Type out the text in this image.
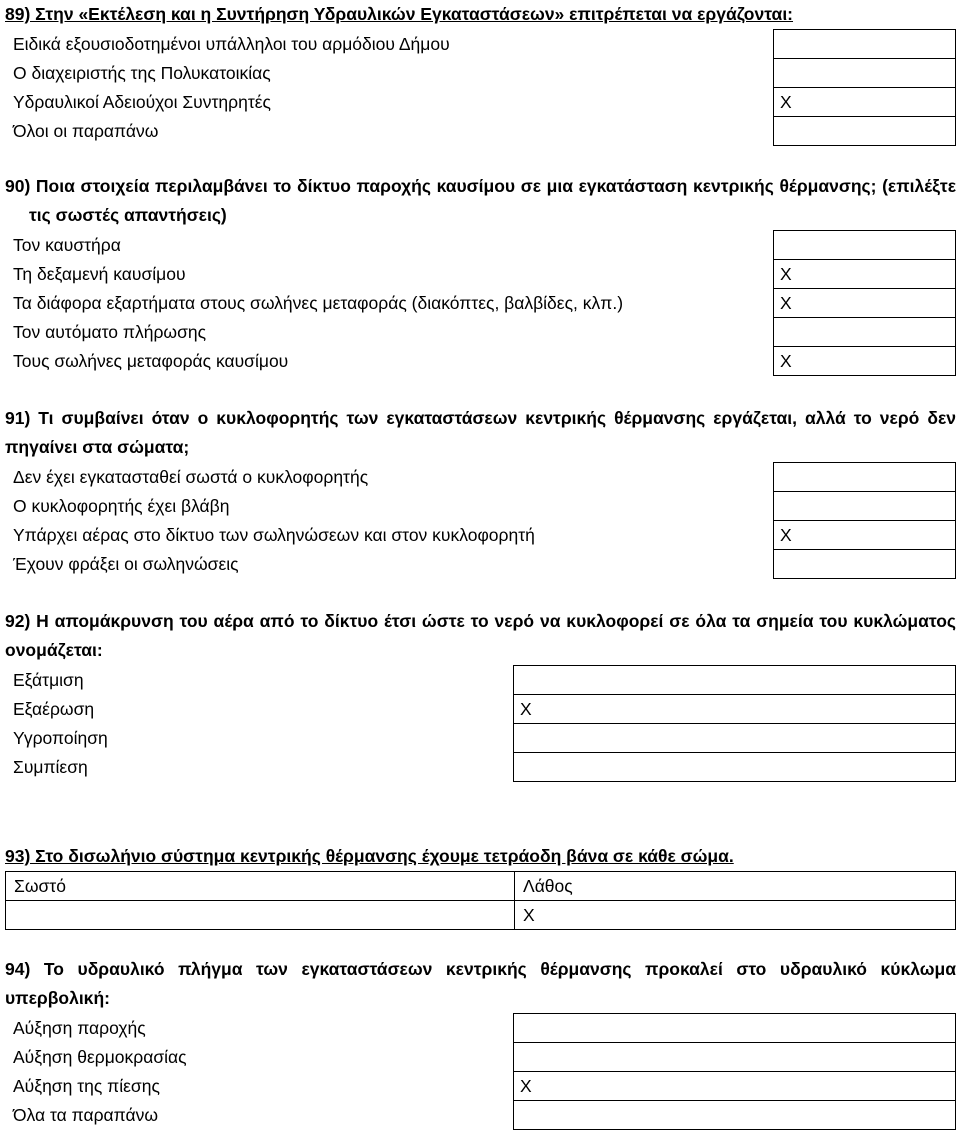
89) Στην «Εκτέλεση και η Συντήρηση Υδραυλικών Εγκαταστάσεων» επιτρέπεται να εργάζονται:
Ειδικά εξουσιοδοτημένοι υπάλληλοι του αρμόδιου Δήμου	
Ο διαχειριστής της Πολυκατοικίας	
Υδραυλικοί Αδειούχοι Συντηρητές	X
Όλοι οι παραπάνω	
90) Ποια στοιχεία περιλαμβάνει το δίκτυο παροχής καυσίμου σε μια εγκατάσταση κεντρικής θέρμανσης; (επιλέξτε τις σωστές απαντήσεις)
Τον καυστήρα	
Τη δεξαμενή καυσίμου	X
Τα διάφορα εξαρτήματα στους σωλήνες μεταφοράς (διακόπτες, βαλβίδες, κλπ.)	X
Τον αυτόματο πλήρωσης	
Τους σωλήνες μεταφοράς καυσίμου	X
91) Τι συμβαίνει όταν ο κυκλοφορητής των εγκαταστάσεων κεντρικής θέρμανσης εργάζεται, αλλά το νερό δεν πηγαίνει στα σώματα;
Δεν έχει εγκατασταθεί σωστά ο κυκλοφορητής	
Ο κυκλοφορητής έχει βλάβη	
Υπάρχει αέρας στο δίκτυο των σωληνώσεων και στον κυκλοφορητή	X
Έχουν φράξει οι σωληνώσεις	
92) Η απομάκρυνση του αέρα από το δίκτυο έτσι ώστε το νερό να κυκλοφορεί σε όλα τα σημεία του κυκλώματος ονομάζεται:
Εξάτμιση	
Εξαέρωση	X
Υγροποίηση	
Συμπίεση	
93) Στο δισωλήνιο σύστημα κεντρικής θέρμανσης έχουμε τετράοδη βάνα σε κάθε σώμα.
Σωστό	Λάθος
	X
94) Το υδραυλικό πλήγμα των εγκαταστάσεων κεντρικής θέρμανσης προκαλεί στο υδραυλικό κύκλωμα υπερβολική:
Αύξηση παροχής	
Αύξηση θερμοκρασίας	
Αύξηση της πίεσης	X
Όλα τα παραπάνω	
